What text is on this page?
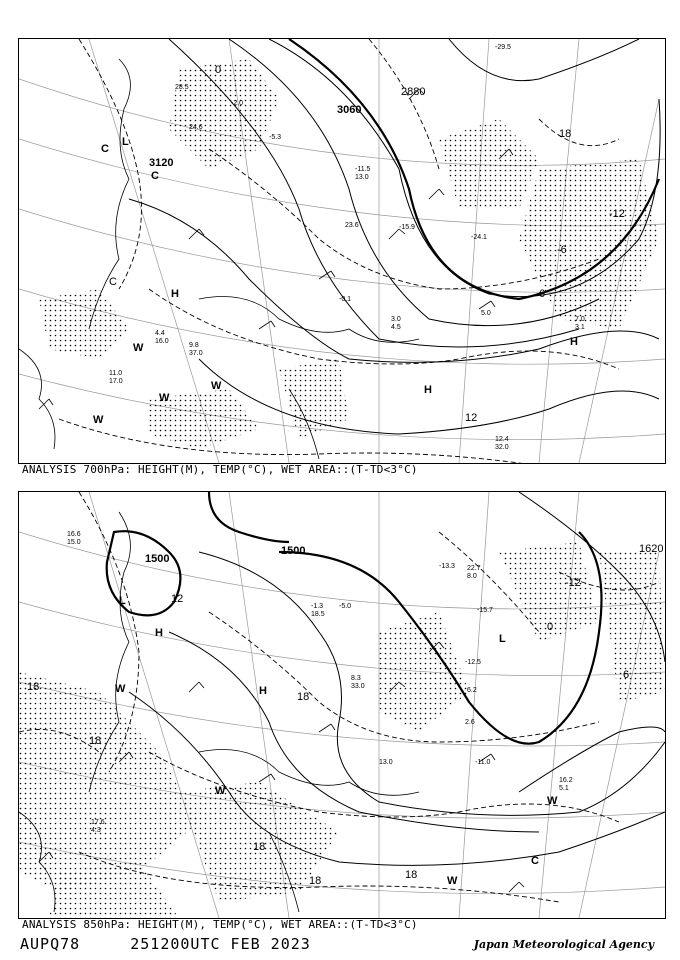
3120
3060
2880
0
-6
-12
18
6
12
C
L
H
H
H
C
C
W
W
W
W
-2.0
28.5
24.6
-5.3
12.4
32.0
9.8
37.0
11.0
17.0
4.4
16.0
7.0
3.1
3.0
4.5
-0.1
5.0
-11.5
13.0
23.6	-15.9
-24.1
-29.5
ANALYSIS 700hPa: HEIGHT(M), TEMP(°C), WET AREA::(T-TD<3°C)
1500
1500	1620
12
-12
0
6
18
18
18
18
18	18
L
H
H
L
C
W
W
W
W
16.6
15.0
-1.3
18.5
-5.0
-13.3 22.7
8.0
-15.7
16.2
5.1
17.6
4.3
-12.5
6.2
2.6
-11.0
8.3
33.0
13.0
ANALYSIS 850hPa: HEIGHT(M), TEMP(°C), WET AREA::(T-TD<3°C)
AUPQ78	251200UTC FEB 2023	Japan Meteorological Agency
